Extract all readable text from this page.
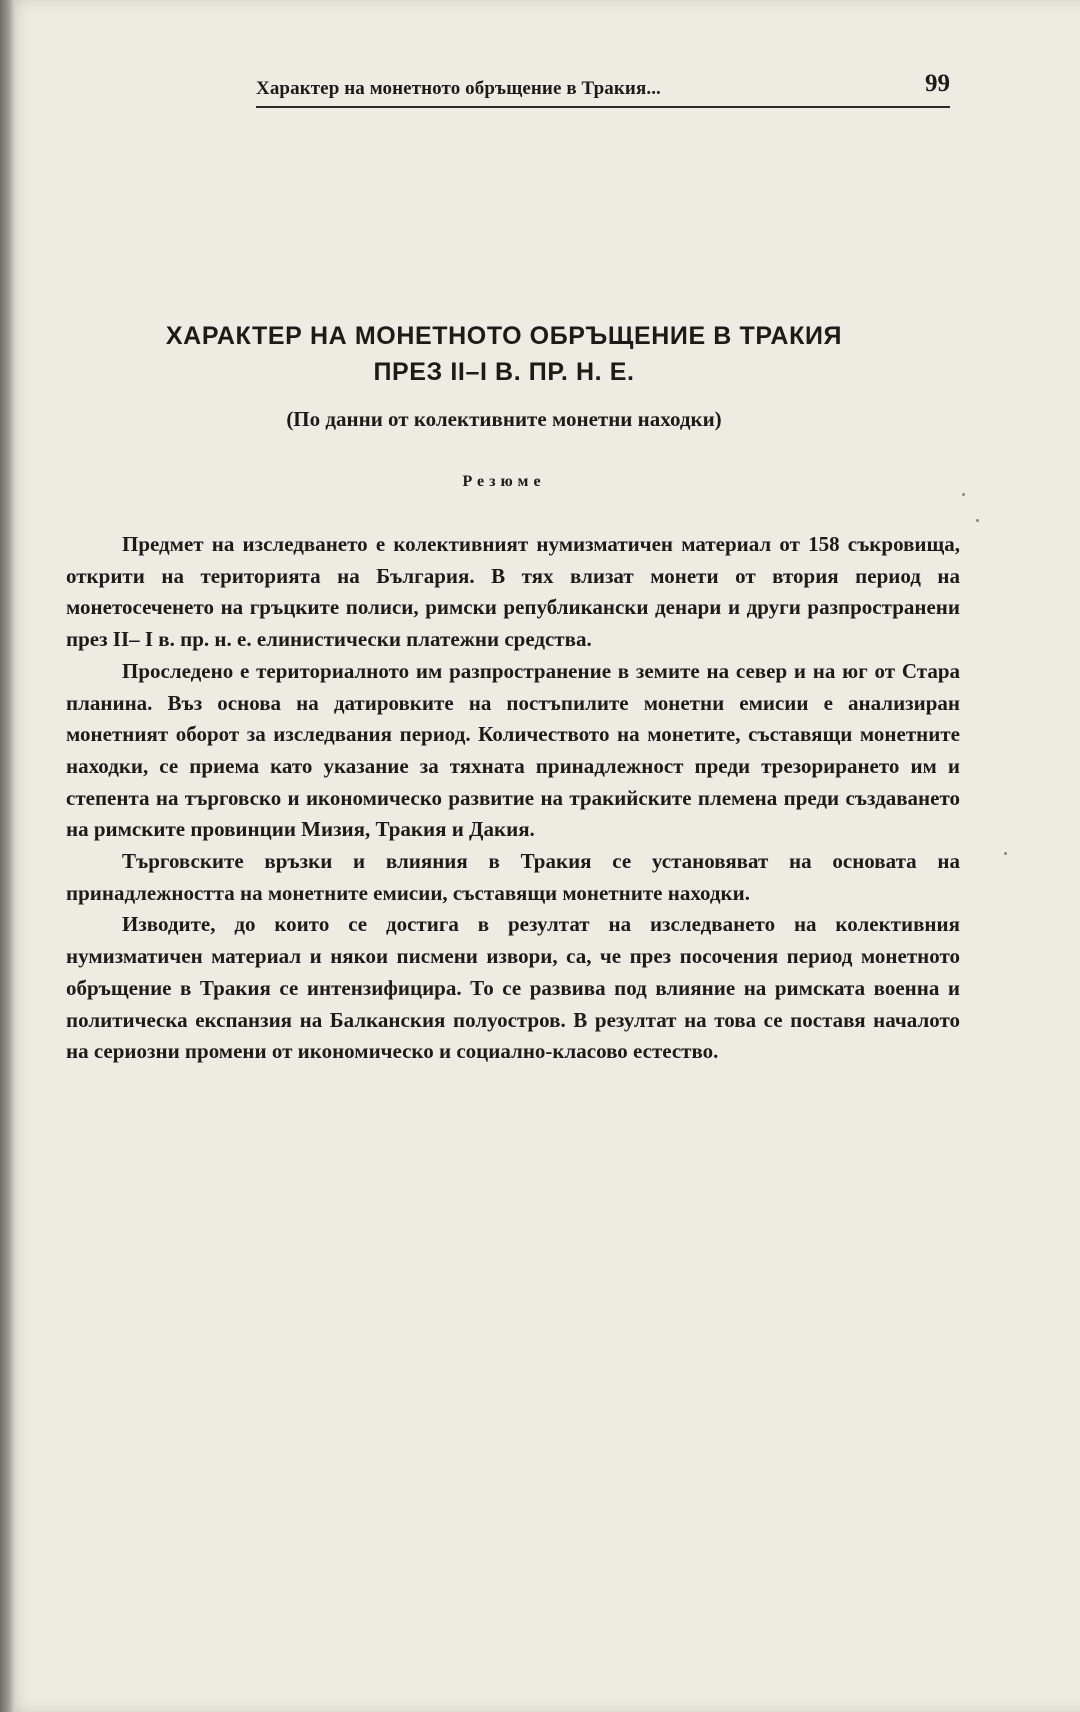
Характер на монетното обръщение в Тракия...	99
ХАРАКТЕР НА МОНЕТНОТО ОБРЪЩЕНИЕ В ТРАКИЯ
ПРЕЗ II–I В. ПР. Н. Е.
(По данни от колективните монетни находки)
Резюме

Предмет на изследването е колективният нумизматичен материал от 158 съкровища, открити на територията на България. В тях влизат монети от втория период на монетосеченето на гръцките полиси, римски републикански денари и други разпространени през II– I в. пр. н. е. елинистически платежни средства.

Проследено е териториалното им разпространение в земите на север и на юг от Стара планина. Въз основа на датировките на постъпилите монетни емисии е анализиран монетният оборот за изследвания период. Количеството на монетите, съставящи монетните находки, се приема като указание за тяхната принадлежност преди трезорирането им и степента на търговско и икономическо развитие на тракийските племена преди създаването на римските провинции Мизия, Тракия и Дакия.

Търговските връзки и влияния в Тракия се установяват на основата на принадлежността на монетните емисии, съставящи монетните находки.

Изводите, до които се достига в резултат на изследването на колективния нумизматичен материал и някои писмени извори, са, че през посочения период монетното обръщение в Тракия се интензифицира. То се развива под влияние на римската военна и политическа експанзия на Балканския полуостров. В резултат на това се поставя началото на сериозни промени от икономическо и социално-класово естество.
